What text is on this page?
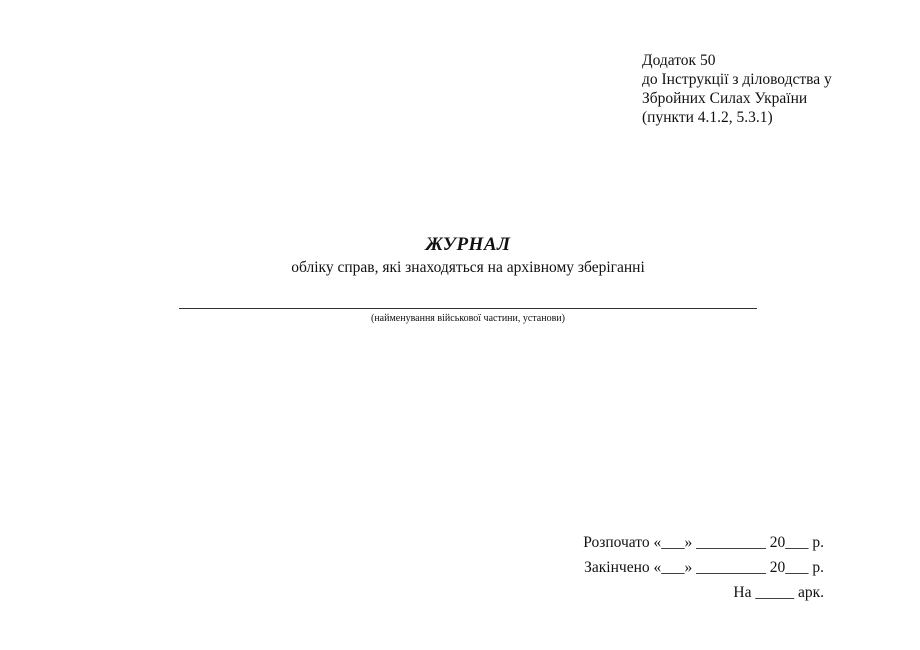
Додаток 50
до Інструкції з діловодства у
Збройних Силах України
(пункти 4.1.2, 5.3.1)
ЖУРНАЛ
обліку справ, які знаходяться на архівному зберіганні
(найменування військової частини, установи)
Розпочато «___» _________ 20___ р.
Закінчено «___» _________ 20___ р.
На _____ арк.
